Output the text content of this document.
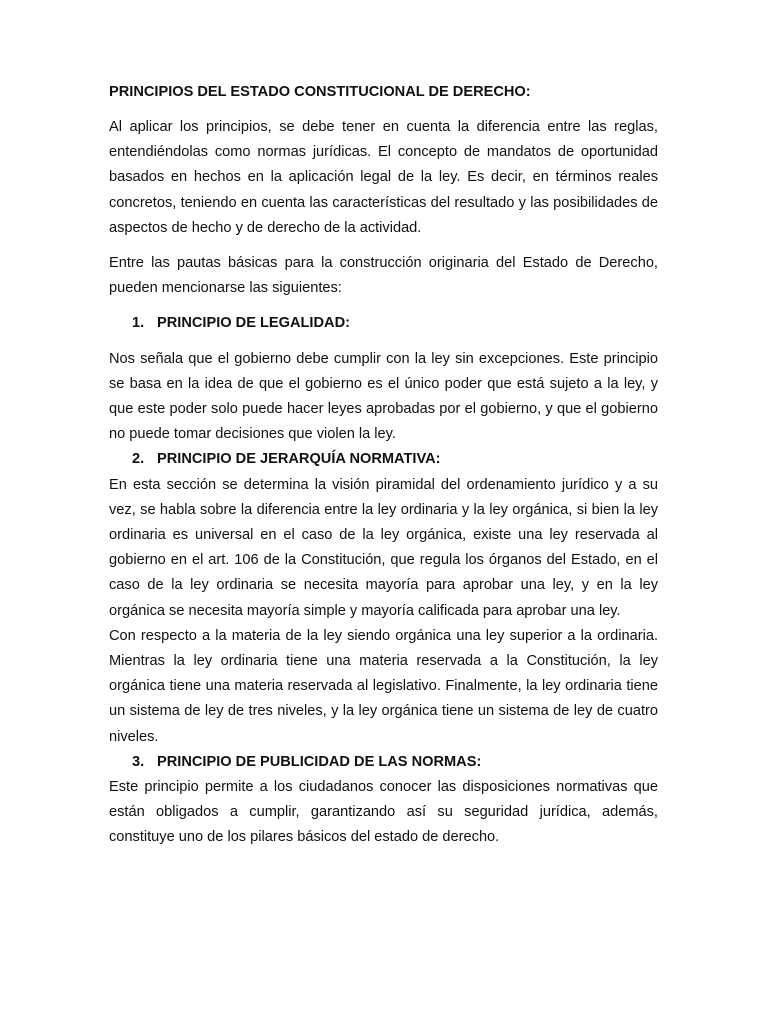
PRINCIPIOS DEL ESTADO CONSTITUCIONAL DE DERECHO:

Al aplicar los principios, se debe tener en cuenta la diferencia entre las reglas, entendiéndolas como normas jurídicas. El concepto de mandatos de oportunidad basados en hechos en la aplicación legal de la ley. Es decir, en términos reales concretos, teniendo en cuenta las características del resultado y las posibilidades de aspectos de hecho y de derecho de la actividad.

Entre las pautas básicas para la construcción originaria del Estado de Derecho, pueden mencionarse las siguientes:

1. PRINCIPIO DE LEGALIDAD:

Nos señala que el gobierno debe cumplir con la ley sin excepciones. Este principio se basa en la idea de que el gobierno es el único poder que está sujeto a la ley, y que este poder solo puede hacer leyes aprobadas por el gobierno, y que el gobierno no puede tomar decisiones que violen la ley.

2. PRINCIPIO DE JERARQUÍA NORMATIVA:

En esta sección se determina la visión piramidal del ordenamiento jurídico y a su vez, se habla sobre la diferencia entre la ley ordinaria y la ley orgánica, si bien la ley ordinaria es universal en el caso de la ley orgánica, existe una ley reservada al gobierno en el art. 106 de la Constitución, que regula los órganos del Estado, en el caso de la ley ordinaria se necesita mayoría para aprobar una ley, y en la ley orgánica se necesita mayoría simple y mayoría calificada para aprobar una ley.

Con respecto a la materia de la ley siendo orgánica una ley superior a la ordinaria. Mientras la ley ordinaria tiene una materia reservada a la Constitución, la ley orgánica tiene una materia reservada al legislativo. Finalmente, la ley ordinaria tiene un sistema de ley de tres niveles, y la ley orgánica tiene un sistema de ley de cuatro niveles.

3. PRINCIPIO DE PUBLICIDAD DE LAS NORMAS:

Este principio permite a los ciudadanos conocer las disposiciones normativas que están obligados a cumplir, garantizando así su seguridad jurídica, además, constituye uno de los pilares básicos del estado de derecho.
